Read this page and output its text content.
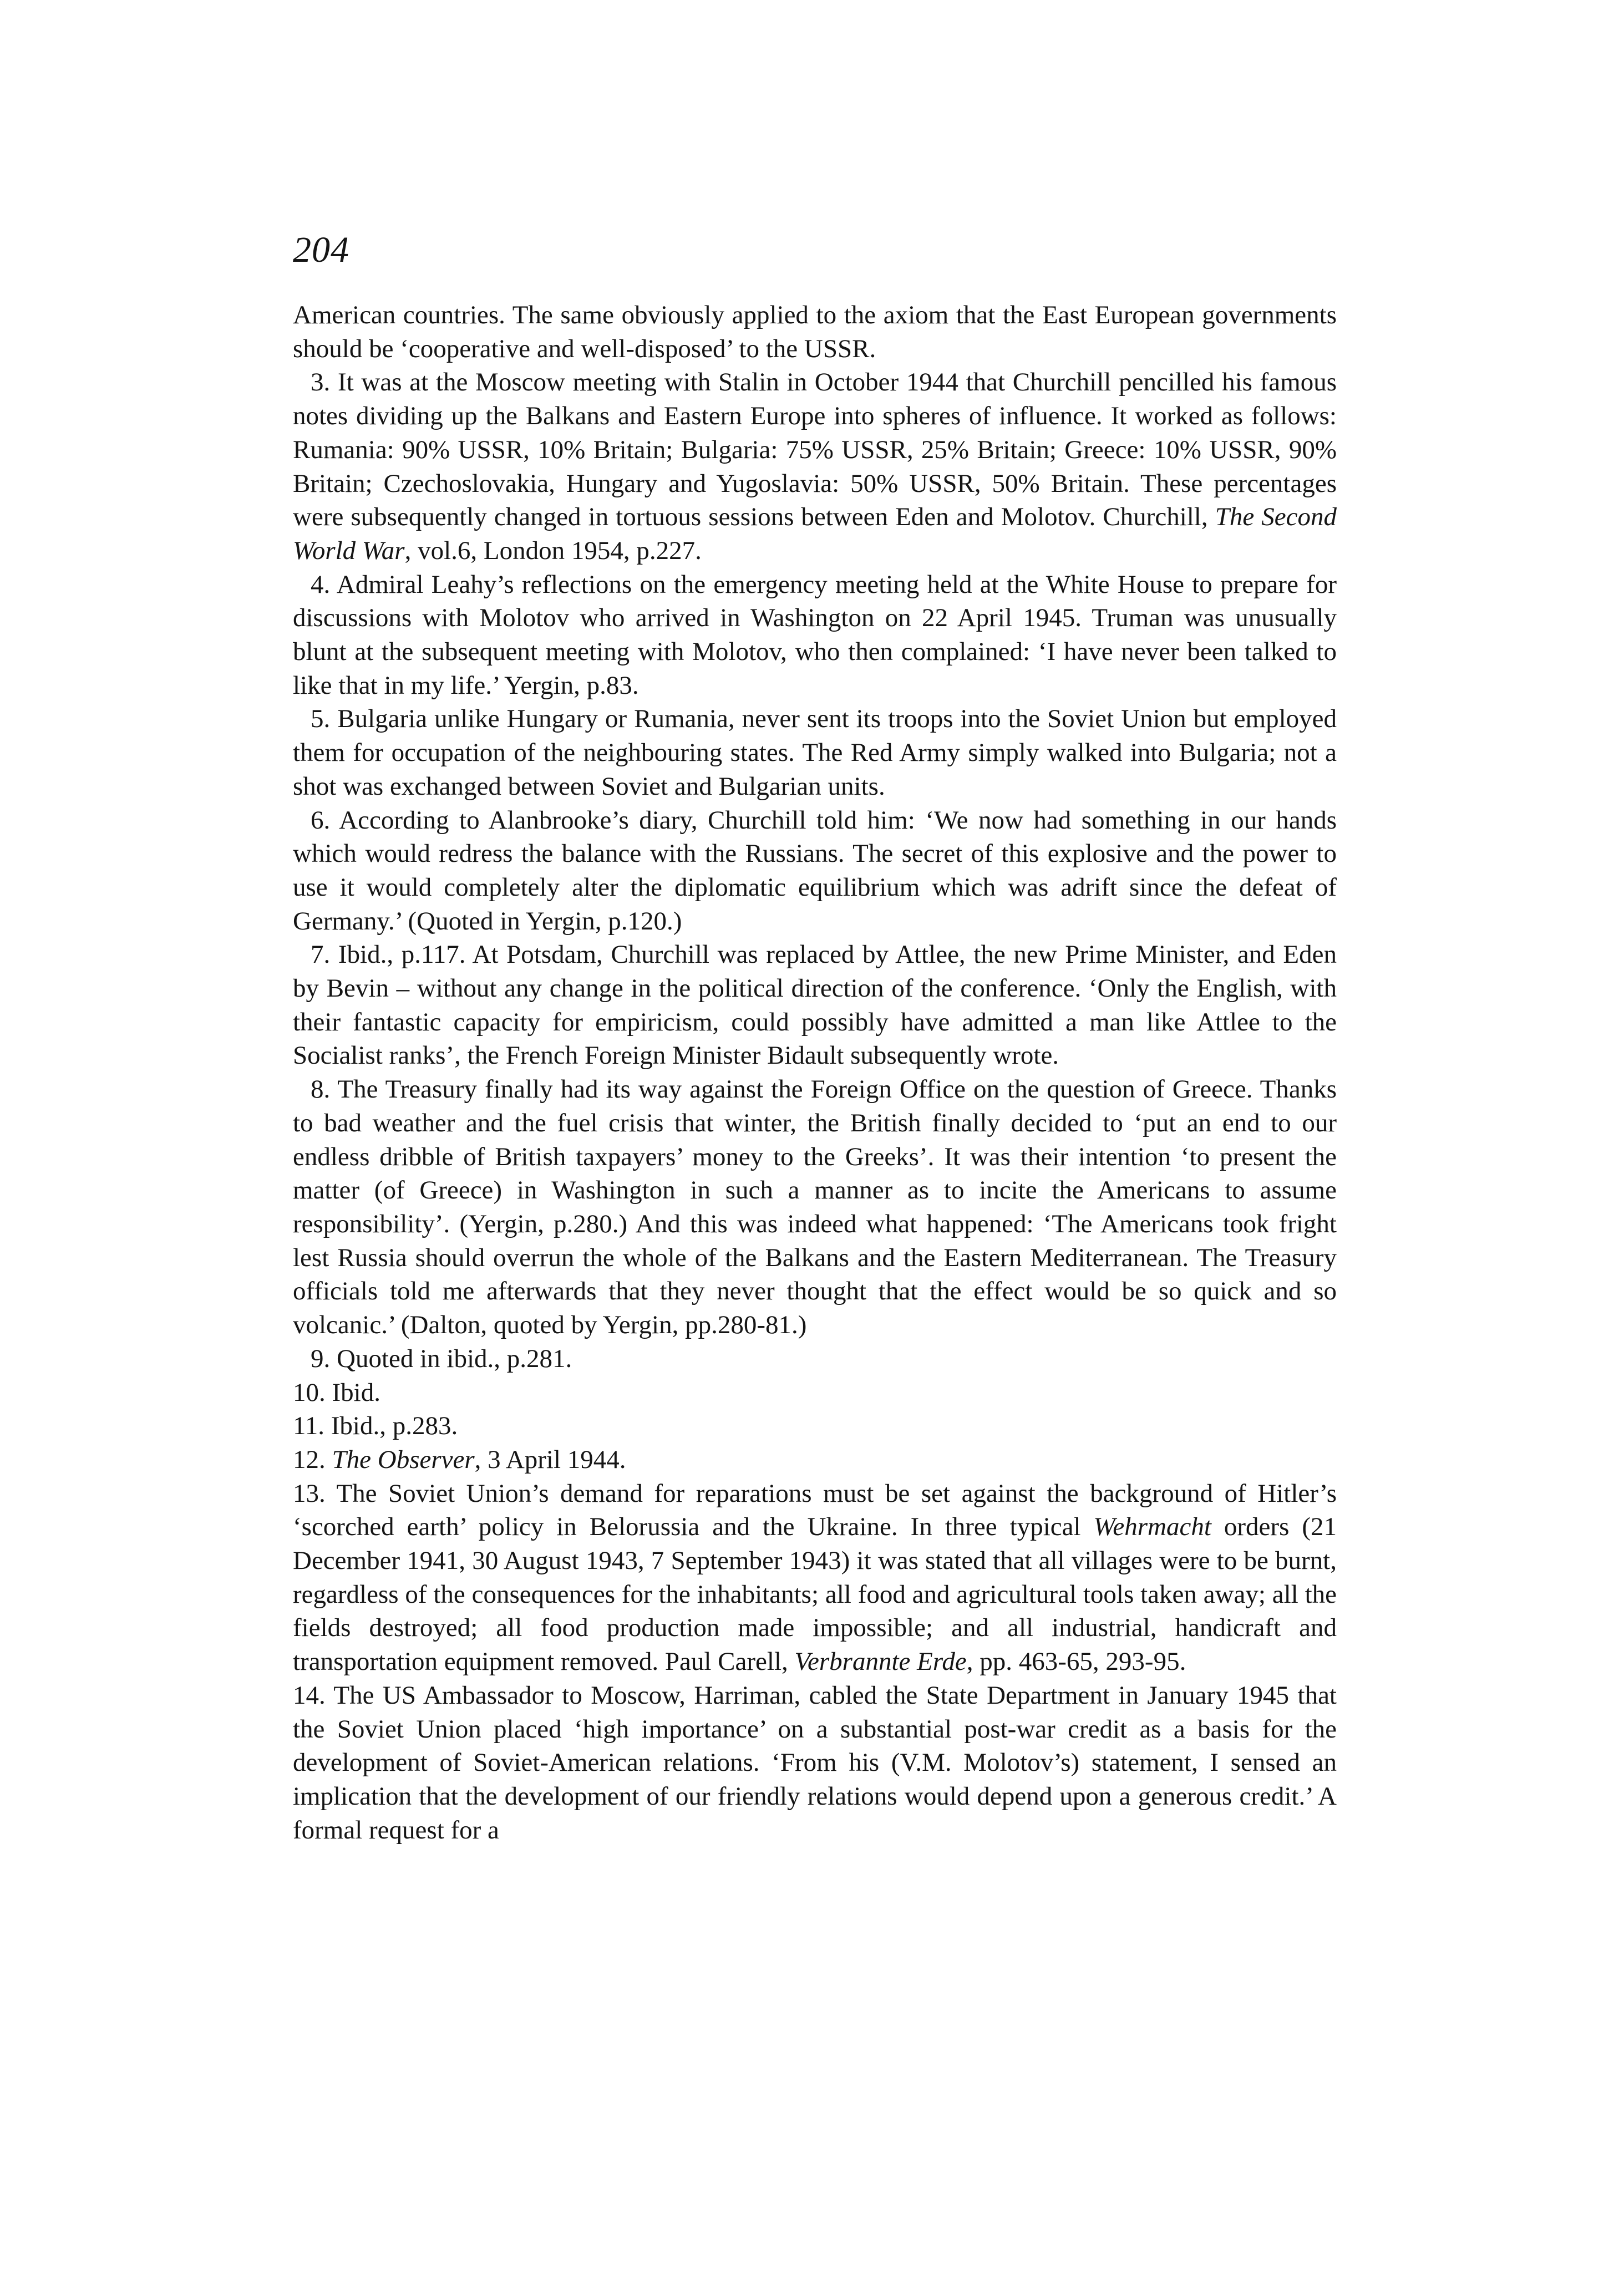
204

American countries. The same obviously applied to the axiom that the East European governments should be ‘cooperative and well-disposed’ to the USSR.

3. It was at the Moscow meeting with Stalin in October 1944 that Churchill pencilled his famous notes dividing up the Balkans and Eastern Europe into spheres of influence. It worked as follows: Rumania: 90% USSR, 10% Britain; Bulgaria: 75% USSR, 25% Britain; Greece: 10% USSR, 90% Britain; Czechoslovakia, Hungary and Yugoslavia: 50% USSR, 50% Britain. These percentages were subsequently changed in tortuous sessions between Eden and Molotov. Churchill, The Second World War, vol.6, London 1954, p.227.

4. Admiral Leahy’s reflections on the emergency meeting held at the White House to prepare for discussions with Molotov who arrived in Washington on 22 April 1945. Truman was unusually blunt at the subsequent meeting with Molotov, who then complained: ‘I have never been talked to like that in my life.’ Yergin, p.83.

5. Bulgaria unlike Hungary or Rumania, never sent its troops into the Soviet Union but employed them for occupation of the neighbouring states. The Red Army simply walked into Bulgaria; not a shot was exchanged between Soviet and Bulgarian units.

6. According to Alanbrooke’s diary, Churchill told him: ‘We now had something in our hands which would redress the balance with the Russians. The secret of this explosive and the power to use it would completely alter the diplomatic equilibrium which was adrift since the defeat of Germany.’ (Quoted in Yergin, p.120.)

7. Ibid., p.117. At Potsdam, Churchill was replaced by Attlee, the new Prime Minister, and Eden by Bevin – without any change in the political direction of the conference. ‘Only the English, with their fantastic capacity for empiricism, could possibly have admitted a man like Attlee to the Socialist ranks’, the French Foreign Minister Bidault subsequently wrote.

8. The Treasury finally had its way against the Foreign Office on the question of Greece. Thanks to bad weather and the fuel crisis that winter, the British finally decided to ‘put an end to our endless dribble of British taxpayers’ money to the Greeks’. It was their intention ‘to present the matter (of Greece) in Washington in such a manner as to incite the Americans to assume responsibility’. (Yergin, p.280.) And this was indeed what happened: ‘The Americans took fright lest Russia should overrun the whole of the Balkans and the Eastern Mediterranean. The Treasury officials told me afterwards that they never thought that the effect would be so quick and so volcanic.’ (Dalton, quoted by Yergin, pp.280-81.)

9. Quoted in ibid., p.281.

10. Ibid.

11. Ibid., p.283.

12. The Observer, 3 April 1944.

13. The Soviet Union’s demand for reparations must be set against the background of Hitler’s ‘scorched earth’ policy in Belorussia and the Ukraine. In three typical Wehrmacht orders (21 December 1941, 30 August 1943, 7 September 1943) it was stated that all villages were to be burnt, regardless of the consequences for the inhabitants; all food and agricultural tools taken away; all the fields destroyed; all food production made impossible; and all industrial, handicraft and transportation equipment removed. Paul Carell, Verbrannte Erde, pp. 463-65, 293-95.

14. The US Ambassador to Moscow, Harriman, cabled the State Department in January 1945 that the Soviet Union placed ‘high importance’ on a substantial post-war credit as a basis for the development of Soviet-American relations. ‘From his (V.M. Molotov’s) statement, I sensed an implication that the development of our friendly relations would depend upon a generous credit.’ A formal request for a
